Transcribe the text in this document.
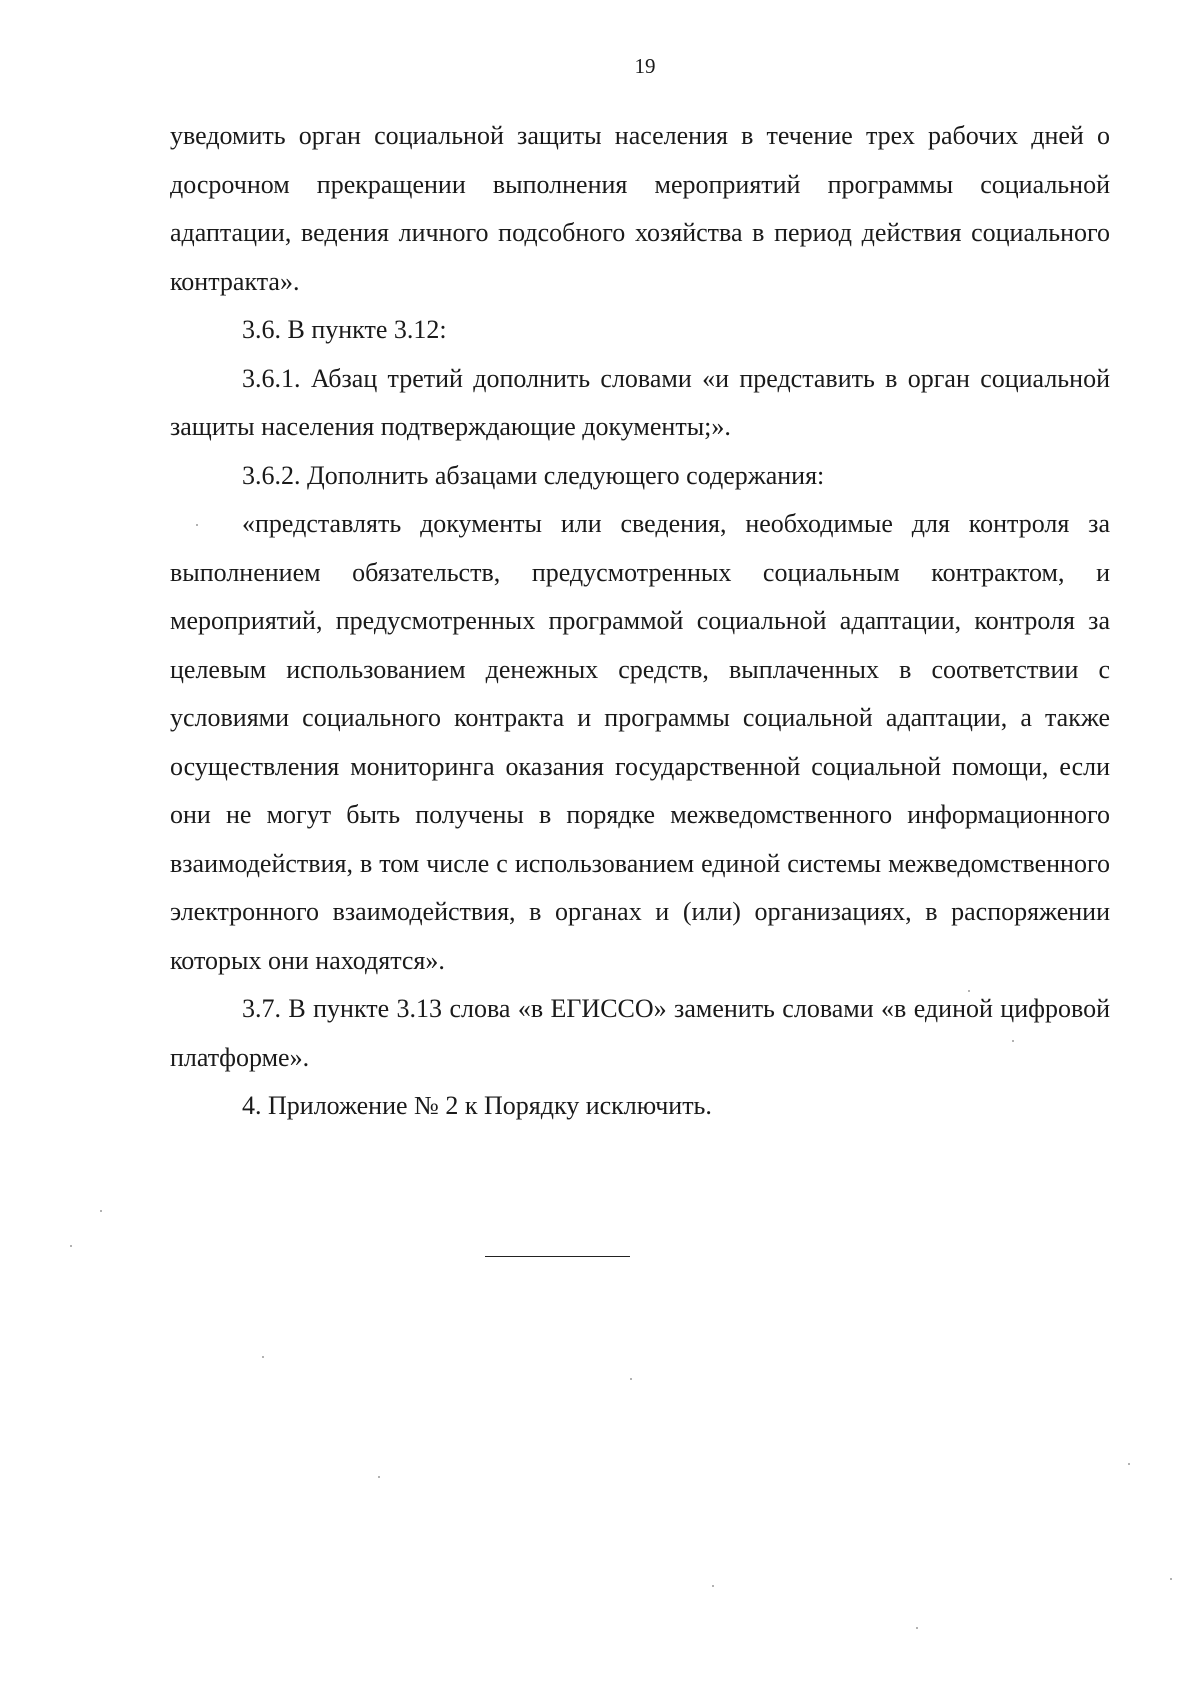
19

уведомить орган социальной защиты населения в течение трех рабочих дней о досрочном прекращении выполнения мероприятий программы социальной адаптации, ведения личного подсобного хозяйства в период действия социального контракта».

3.6. В пункте 3.12:

3.6.1. Абзац третий дополнить словами «и представить в орган социальной защиты населения подтверждающие документы;».

3.6.2. Дополнить абзацами следующего содержания:

«представлять документы или сведения, необходимые для контроля за выполнением обязательств, предусмотренных социальным контрактом, и мероприятий, предусмотренных программой социальной адаптации, контроля за целевым использованием денежных средств, выплаченных в соответствии с условиями социального контракта и программы социальной адаптации, а также осуществления мониторинга оказания государственной социальной помощи, если они не могут быть получены в порядке межведомственного информационного взаимодействия, в том числе с использованием единой системы межведомственного электронного взаимодействия, в органах и (или) организациях, в распоряжении которых они находятся».

3.7. В пункте 3.13 слова «в ЕГИССО» заменить словами «в единой цифровой платформе».

4. Приложение № 2 к Порядку исключить.
